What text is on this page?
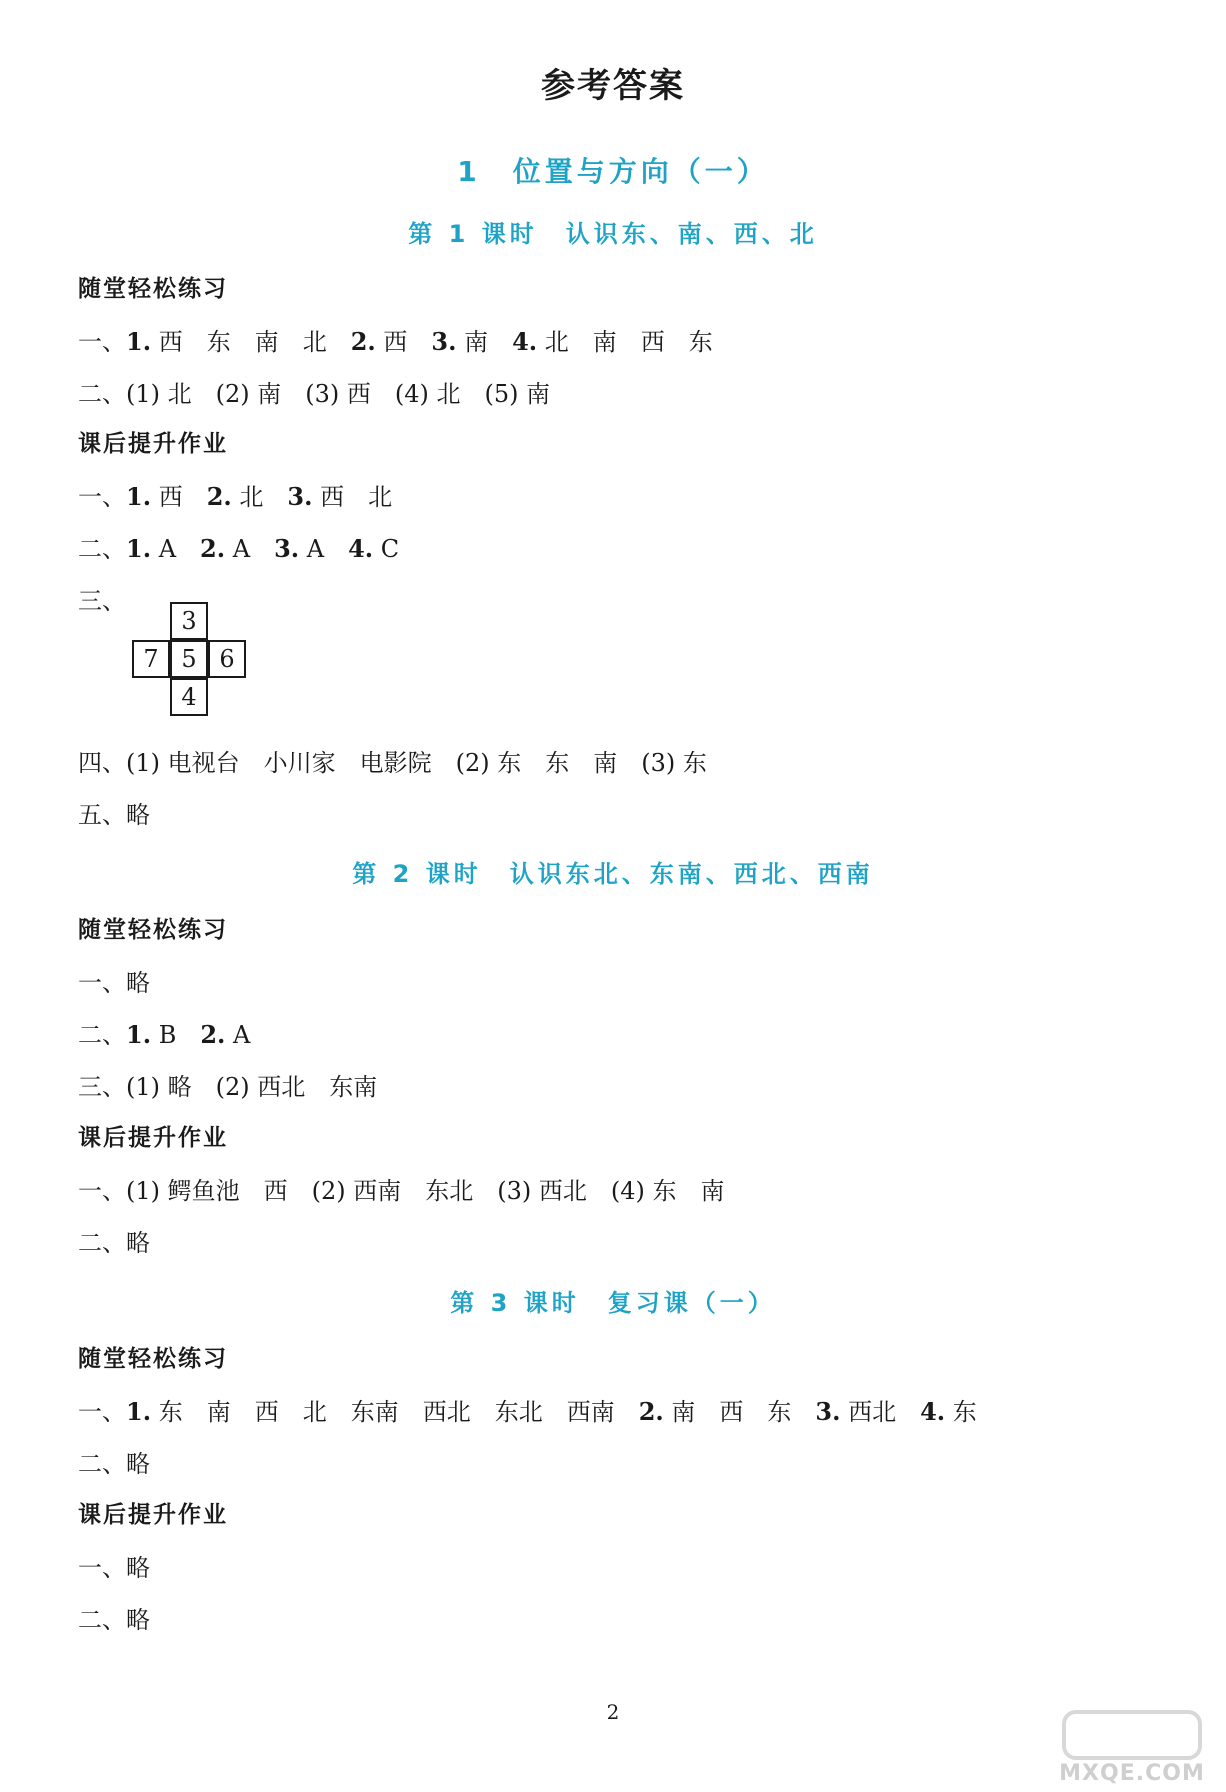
参考答案
1　位置与方向（一）
第 1 课时　认识东、南、西、北
随堂轻松练习
一、1. 西　东　南　北　2. 西　3. 南　4. 北　南　西　东
二、(1) 北　(2) 南　(3) 西　(4) 北　(5) 南
课后提升作业
一、1. 西　2. 北　3. 西　北
二、1. A　2. A　3. A　4. C
三、
3
7 5 6
4
四、(1) 电视台　小川家　电影院　(2) 东　东　南　(3) 东
五、略
第 2 课时　认识东北、东南、西北、西南
随堂轻松练习
一、略
二、1. B　2. A
三、(1) 略　(2) 西北　东南
课后提升作业
一、(1) 鳄鱼池　西　(2) 西南　东北　(3) 西北　(4) 东　南
二、略
第 3 课时　复习课（一）
随堂轻松练习
一、1. 东　南　西　北　东南　西北　东北　西南　2. 南　西　东　3. 西北　4. 东
二、略
课后提升作业
一、略
二、略
2
MXQE.COM
